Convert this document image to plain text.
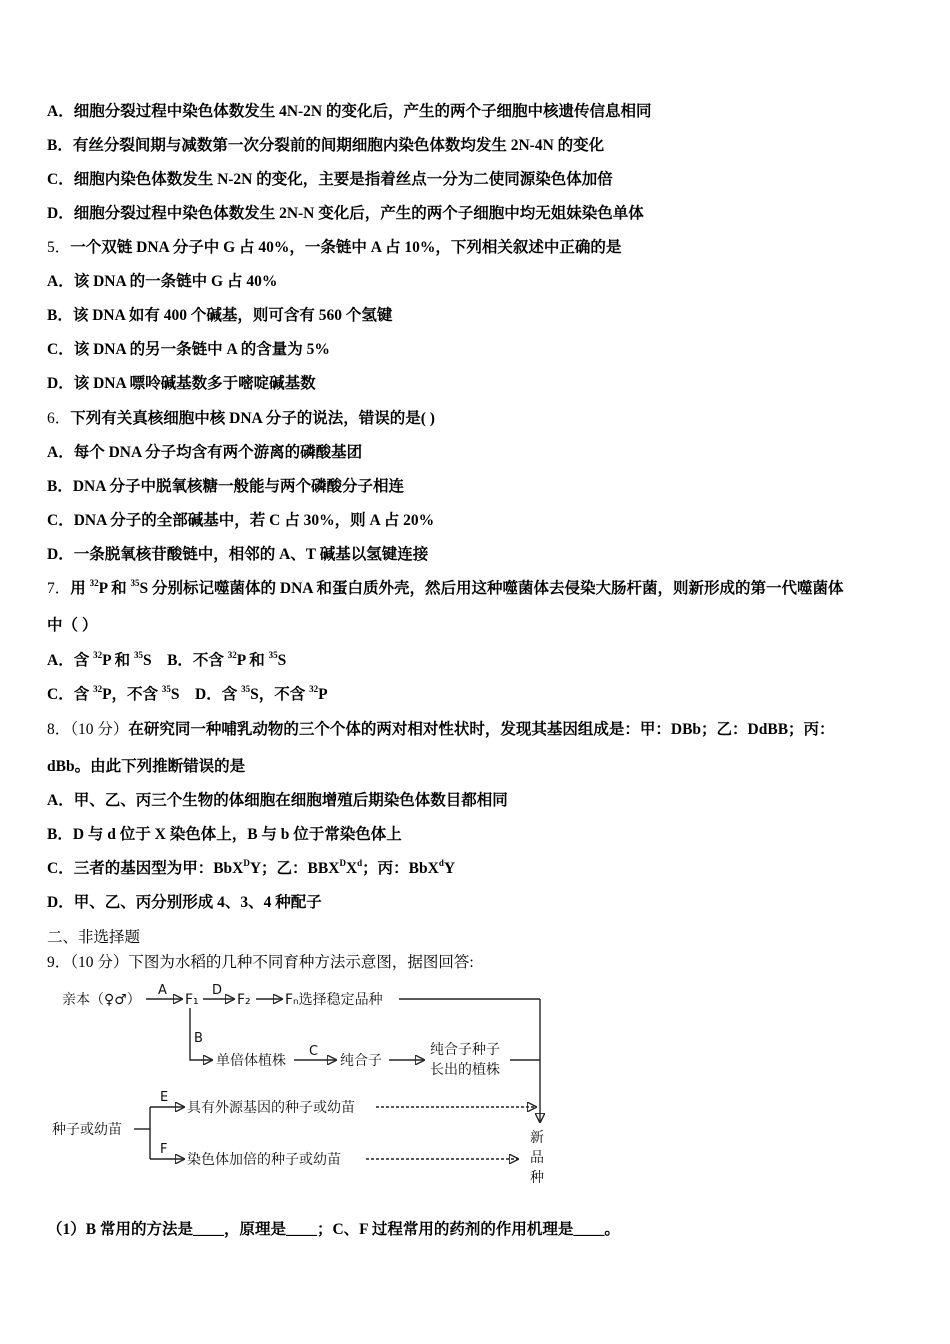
A．细胞分裂过程中染色体数发生 4N-2N 的变化后，产生的两个子细胞中核遗传信息相同
B．有丝分裂间期与减数第一次分裂前的间期细胞内染色体数均发生 2N-4N 的变化
C．细胞内染色体数发生 N-2N 的变化，主要是指着丝点一分为二使同源染色体加倍
D．细胞分裂过程中染色体数发生 2N-N 变化后，产生的两个子细胞中均无姐妹染色单体
5．一个双链 DNA 分子中 G 占 40%，一条链中 A 占 10%，下列相关叙述中正确的是
A．该 DNA 的一条链中 G 占 40%
B．该 DNA 如有 400 个碱基，则可含有 560 个氢键
C．该 DNA 的另一条链中 A 的含量为 5%
D．该 DNA 嘌呤碱基数多于嘧啶碱基数
6．下列有关真核细胞中核 DNA 分子的说法，错误的是( )
A．每个 DNA 分子均含有两个游离的磷酸基团
B．DNA 分子中脱氧核糖一般能与两个磷酸分子相连
C．DNA 分子的全部碱基中，若 C 占 30%，则 A 占 20%
D．一条脱氧核苷酸链中，相邻的 A、T 碱基以氢键连接
7．用 $^{32}$P 和 $^{35}$S 分别标记噬菌体的 DNA 和蛋白质外壳，然后用这种噬菌体去侵染大肠杆菌，则新形成的第一代噬菌体
中（ ）
A．含 $^{32}$P 和 $^{35}$S    B．不含 $^{32}$P 和 $^{35}$S
C．含 $^{32}$P，不含 $^{35}$S    D．含 $^{35}$S，不含 $^{32}$P
8．（10 分）在研究同一种哺乳动物的三个个体的两对相对性状时，发现其基因组成是：甲：DBb；乙：DdBB；丙：
dBb。由此下列推断错误的是
A．甲、乙、丙三个生物的体细胞在细胞增殖后期染色体数目都相同
B．D 与 d 位于 X 染色体上，B 与 b 位于常染色体上
C．三者的基因型为甲：BbX$^D$Y；乙：$BBX^DX^d$；丙：BbX$^d$Y
D．甲、乙、丙分别形成 4、3、4 种配子
二、非选择题
9．（10 分）下图为水稻的几种不同育种方法示意图，据图回答:
亲本（♀♂）
A
F₁
D
F₂ Fₙ选择稳定品种
B
单倍体植株
C
纯合子
纯合子种子
长出的植株
种子或幼苗
E
具有外源基因的种子或幼苗
F
染色体加倍的种子或幼苗
新
品
种
（1）B 常用的方法是____，原理是____；C、F 过程常用的药剂的作用机理是____。
